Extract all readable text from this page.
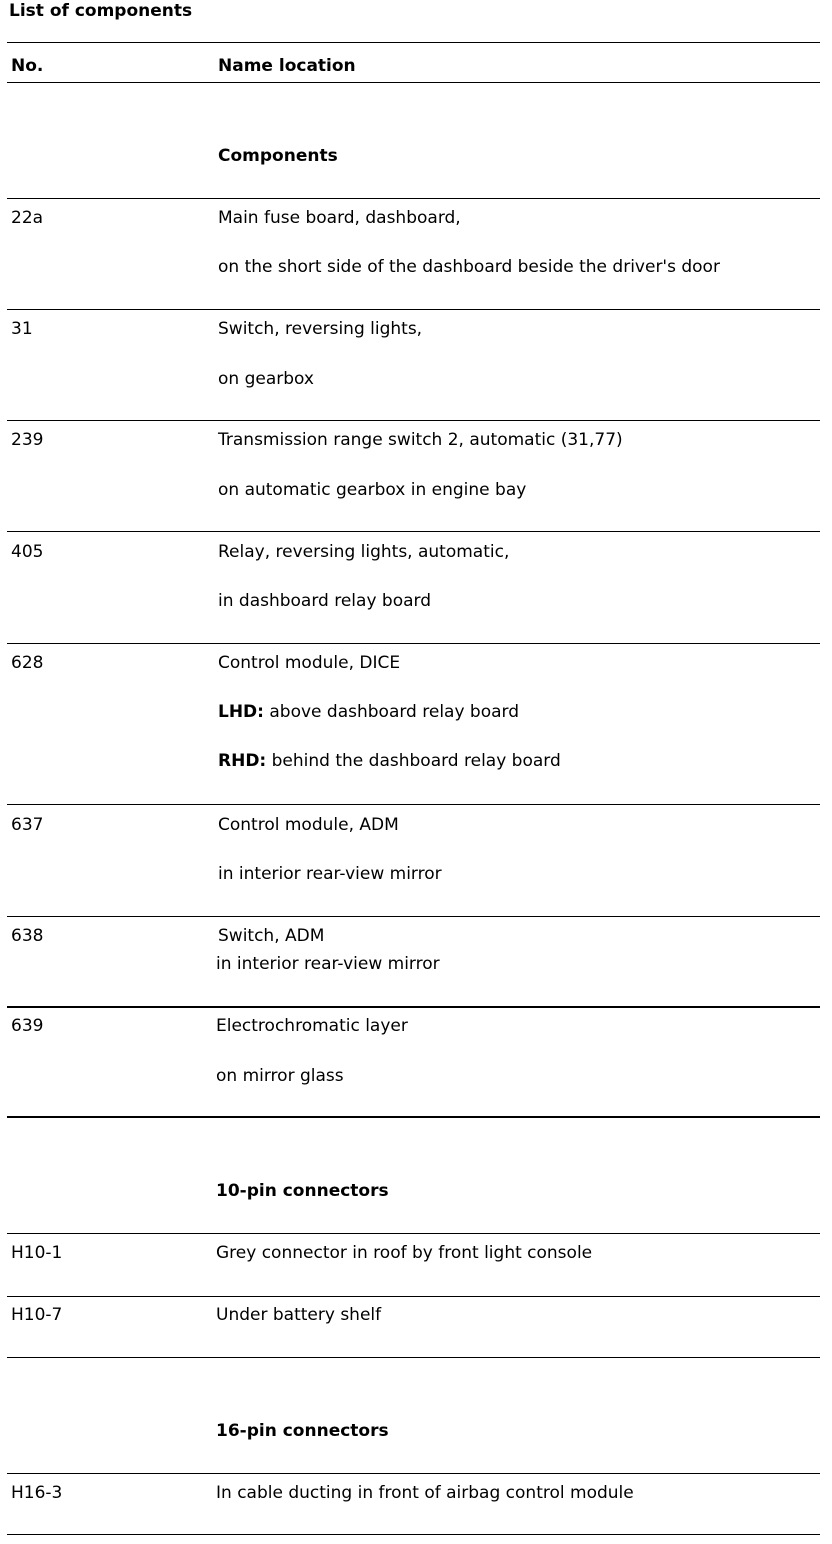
List of components
No.	Name location
Components
22a	Main fuse board, dashboard,
on the short side of the dashboard beside the driver's door
31	Switch, reversing lights,
on gearbox
239	Transmission range switch 2, automatic (31,77)
on automatic gearbox in engine bay
405	Relay, reversing lights, automatic,
in dashboard relay board
628	Control module, DICE
LHD: above dashboard relay board
RHD: behind the dashboard relay board
637	Control module, ADM
in interior rear-view mirror
638	Switch, ADM
in interior rear-view mirror
639	Electrochromatic layer
on mirror glass
10-pin connectors
H10-1	Grey connector in roof by front light console
H10-7	Under battery shelf
16-pin connectors
H16-3	In cable ducting in front of airbag control module
